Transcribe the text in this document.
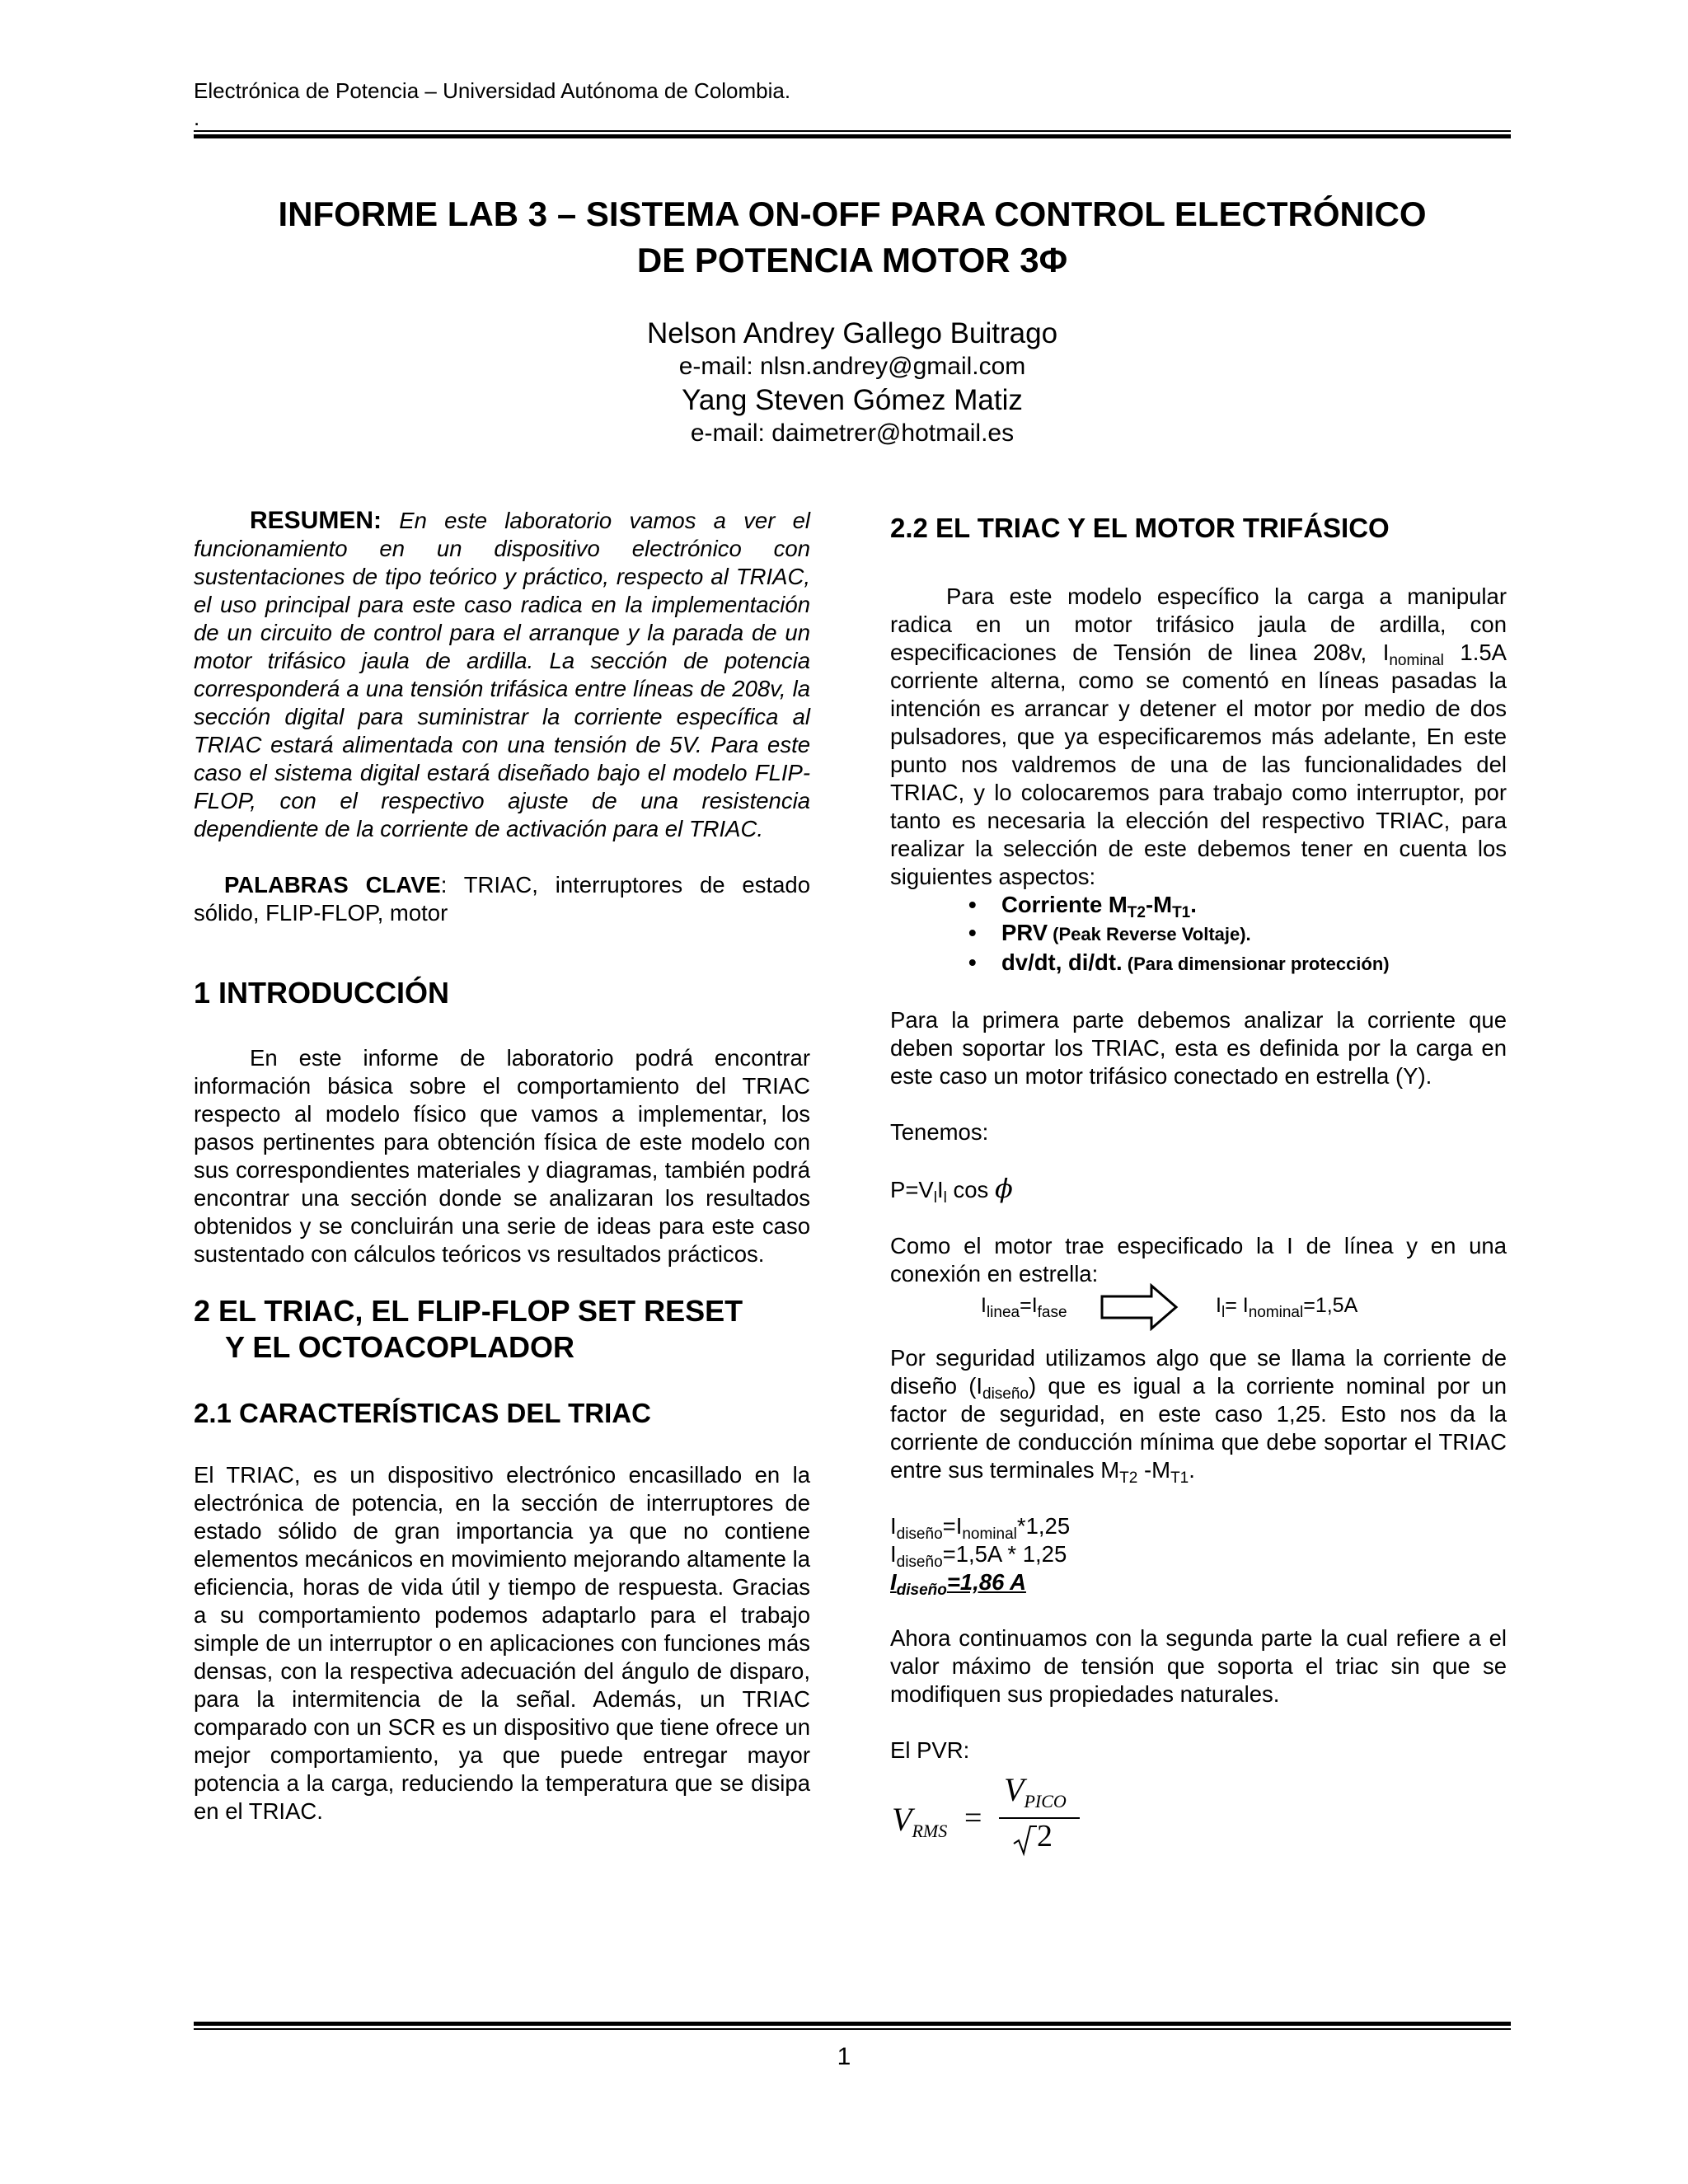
Electrónica de Potencia – Universidad Autónoma de Colombia.
.
INFORME LAB 3 – SISTEMA ON-OFF PARA CONTROL ELECTRÓNICO
DE POTENCIA MOTOR 3Φ
Nelson Andrey Gallego Buitrago
e-mail: nlsn.andrey@gmail.com
Yang Steven Gómez Matiz
e-mail: daimetrer@hotmail.es

RESUMEN: En este laboratorio vamos a ver el funcionamiento en un dispositivo electrónico con sustentaciones de tipo teórico y práctico, respecto al TRIAC, el uso principal para este caso radica en la implementación de un circuito de control para el arranque y la parada de un motor trifásico jaula de ardilla. La sección de potencia corresponderá a una tensión trifásica entre líneas de 208v, la sección digital para suministrar la corriente específica al TRIAC estará alimentada con una tensión de 5V. Para este caso el sistema digital estará diseñado bajo el modelo FLIP-FLOP, con el respectivo ajuste de una resistencia dependiente de la corriente de activación para el TRIAC.

PALABRAS CLAVE: TRIAC, interruptores de estado sólido, FLIP-FLOP, motor

1 INTRODUCCIÓN

En este informe de laboratorio podrá encontrar información básica sobre el comportamiento del TRIAC respecto al modelo físico que vamos a implementar, los pasos pertinentes para obtención física de este modelo con sus correspondientes materiales y diagramas, también podrá encontrar una sección donde se analizaran los resultados obtenidos y se concluirán una serie de ideas para este caso sustentado con cálculos teóricos vs resultados prácticos.

2 EL TRIAC, EL FLIP-FLOP SET RESET
Y EL OCTOACOPLADOR
2.1 CARACTERÍSTICAS DEL TRIAC

El TRIAC, es un dispositivo electrónico encasillado en la electrónica de potencia, en la sección de interruptores de estado sólido de gran importancia ya que no contiene elementos mecánicos en movimiento mejorando altamente la eficiencia, horas de vida útil y tiempo de respuesta. Gracias a su comportamiento podemos adaptarlo para el trabajo simple de un interruptor o en aplicaciones con funciones más densas, con la respectiva adecuación del ángulo de disparo, para la intermitencia de la señal. Además, un TRIAC comparado con un SCR es un dispositivo que tiene ofrece un mejor comportamiento, ya que puede entregar mayor potencia a la carga, reduciendo la temperatura que se disipa en el TRIAC.

2.2 EL TRIAC Y EL MOTOR TRIFÁSICO

Para este modelo específico la carga a manipular radica en un motor trifásico jaula de ardilla, con especificaciones de Tensión de linea 208v, $I_{nominal}$ 1.5A corriente alterna, como se comentó en líneas pasadas la intención es arrancar y detener el motor por medio de dos pulsadores, que ya especificaremos más adelante, En este punto nos valdremos de una de las funcionalidades del TRIAC, y lo colocaremos para trabajo como interruptor, por tanto es necesaria la elección del respectivo TRIAC, para realizar la selección de este debemos tener en cuenta los siguientes aspectos:

• Corriente $M_{T2}-M_{T1}$.
• PRV (Peak Reverse Voltaje).
• dv/dt, di/dt. (Para dimensionar protección)

Para la primera parte debemos analizar la corriente que deben soportar los TRIAC, esta es definida por la carga en este caso un motor trifásico conectado en estrella (Y).

Tenemos:

$P=V_lI_l$ cos ϕ

Como el motor trae especificado la I de línea y en una conexión en estrella:

$I_{linea}=I_{fase}$	$I_l= I_{nominal}=1,5A$

Por seguridad utilizamos algo que se llama la corriente de diseño $(I_{diseño})$ que es igual a la corriente nominal por un factor de seguridad, en este caso 1,25. Esto nos da la corriente de conducción mínima que debe soportar el TRIAC entre sus terminales $M_{T2}$ $-M_{T1}$.

$I_{diseño}=I_{nominal}*1,25$

$I_{diseño}=1,5A * 1,25$

$I_{diseño}=1,86$ A

Ahora continuamos con la segunda parte la cual refiere a el valor máximo de tensión que soporta el triac sin que se modifiquen sus propiedades naturales.

El PVR:

$V_{RMS}$ =
$V_{PICO}$
2
1
